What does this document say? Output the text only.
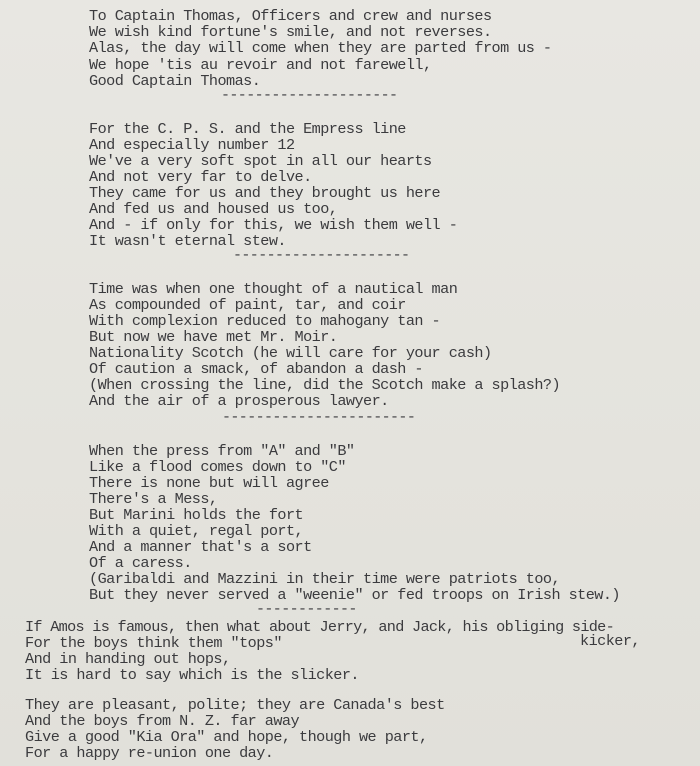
To Captain Thomas, Officers and crew and nurses
We wish kind fortune's smile, and not reverses.
Alas, the day will come when they are parted from us -
We hope 'tis au revoir and not farewell,
Good Captain Thomas.
---------------------
For the C. P. S. and the Empress line
And especially number 12
We've a very soft spot in all our hearts
And not very far to delve.
They came for us and they brought us here
And fed us and housed us too,
And - if only for this, we wish them well -
It wasn't eternal stew.
---------------------
Time was when one thought of a nautical man
As compounded of paint, tar, and coir
With complexion reduced to mahogany tan -
But now we have met Mr. Moir.
Nationality Scotch (he will care for your cash)
Of caution a smack, of abandon a dash -
(When crossing the line, did the Scotch make a splash?)
And the air of a prosperous lawyer.
-----------------------
When the press from "A" and "B"
Like a flood comes down to "C"
There is none but will agree
There's a Mess,
But Marini holds the fort
With a quiet, regal port,
And a manner that's a sort
Of a caress.
(Garibaldi and Mazzini in their time were patriots too,
But they never served a "weenie" or fed troops on Irish stew.)
------------
If Amos is famous, then what about Jerry, and Jack, his obliging side-
kicker,
For the boys think them "tops"
And in handing out hops,
It is hard to say which is the slicker.
They are pleasant, polite; they are Canada's best
And the boys from N. Z. far away
Give a good "Kia Ora" and hope, though we part,
For a happy re-union one day.
